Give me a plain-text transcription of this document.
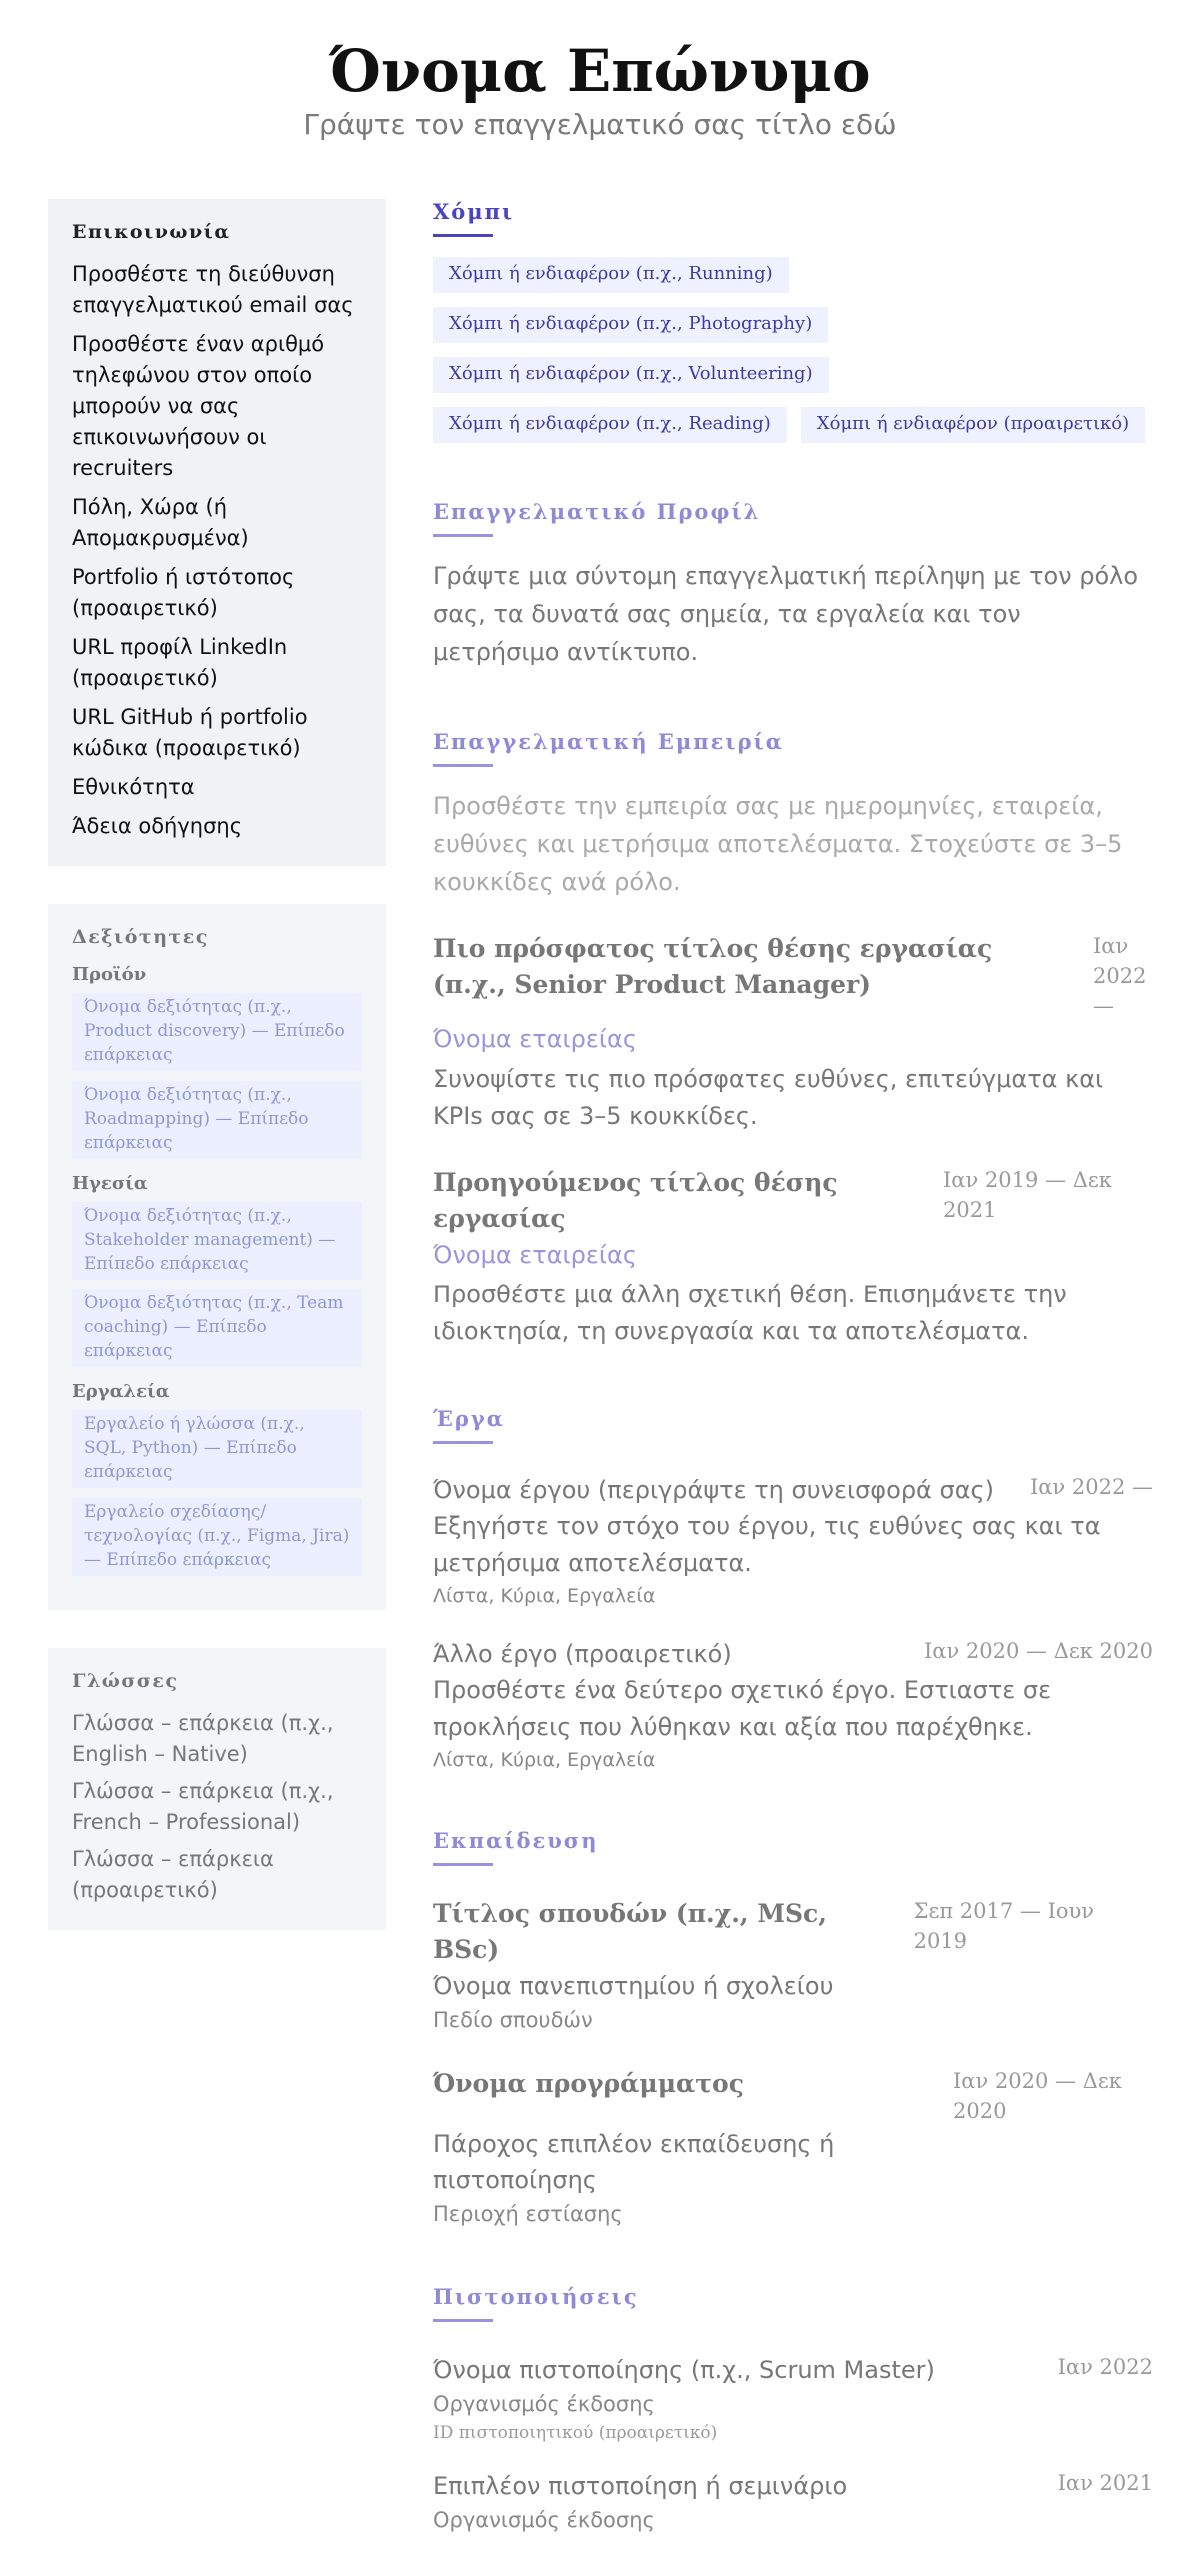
Όνομα Επώνυμο
Γράψτε τον επαγγελματικό σας τίτλο εδώ
Επικοινωνία
Προσθέστε τη διεύθυνση επαγγελματικού email σας
Προσθέστε έναν αριθμό τηλεφώνου στον οποίο μπορούν να σας επικοινωνήσουν οι recruiters
Πόλη, Χώρα (ή Απομακρυσμένα)
Portfolio ή ιστότοπος (προαιρετικό)
URL προφίλ LinkedIn (προαιρετικό)
URL GitHub ή portfolio κώδικα (προαιρετικό)
Εθνικότητα
Άδεια οδήγησης
Δεξιότητες
Προϊόν
Όνομα δεξιότητας (π.χ., Product discovery) — Επίπεδο επάρκειας
Όνομα δεξιότητας (π.χ., Roadmapping) — Επίπεδο επάρκειας
Ηγεσία
Όνομα δεξιότητας (π.χ., Stakeholder management) — Επίπεδο επάρκειας
Όνομα δεξιότητας (π.χ., Team coaching) — Επίπεδο επάρκειας
Εργαλεία
Εργαλείο ή γλώσσα (π.χ., SQL, Python) — Επίπεδο επάρκειας
Εργαλείο σχεδίασης/τεχνολογίας (π.χ., Figma, Jira) — Επίπεδο επάρκειας
Γλώσσες
Γλώσσα – επάρκεια (π.χ., English – Native)
Γλώσσα – επάρκεια (π.χ., French – Professional)
Γλώσσα – επάρκεια (προαιρετικό)
Χόμπι
Χόμπι ή ενδιαφέρον (π.χ., Running)
Χόμπι ή ενδιαφέρον (π.χ., Photography)
Χόμπι ή ενδιαφέρον (π.χ., Volunteering)
Χόμπι ή ενδιαφέρον (π.χ., Reading)	Χόμπι ή ενδιαφέρον (προαιρετικό)
Επαγγελματικό Προφίλ
Γράψτε μια σύντομη επαγγελματική περίληψη με τον ρόλο σας, τα δυνατά σας σημεία, τα εργαλεία και τον μετρήσιμο αντίκτυπο.
Επαγγελματική Εμπειρία
Προσθέστε την εμπειρία σας με ημερομηνίες, εταιρεία, ευθύνες και μετρήσιμα αποτελέσματα. Στοχεύστε σε 3–5 κουκκίδες ανά ρόλο.
Πιο πρόσφατος τίτλος θέσης εργασίας (π.χ., Senior Product Manager)
Ιαν 2022 —
Όνομα εταιρείας
Συνοψίστε τις πιο πρόσφατες ευθύνες, επιτεύγματα και KPIs σας σε 3–5 κουκκίδες.
Προηγούμενος τίτλος θέσης εργασίας
Ιαν 2019 — Δεκ 2021
Όνομα εταιρείας
Προσθέστε μια άλλη σχετική θέση. Επισημάνετε την ιδιοκτησία, τη συνεργασία και τα αποτελέσματα.
Έργα
Όνομα έργου (περιγράψτε τη συνεισφορά σας) Ιαν 2022 —
Εξηγήστε τον στόχο του έργου, τις ευθύνες σας και τα μετρήσιμα αποτελέσματα.
Λίστα, Κύρια, Εργαλεία
Άλλο έργο (προαιρετικό)	Ιαν 2020 — Δεκ 2020
Προσθέστε ένα δεύτερο σχετικό έργο. Εστιαστε σε προκλήσεις που λύθηκαν και αξία που παρέχθηκε.
Λίστα, Κύρια, Εργαλεία
Εκπαίδευση
Τίτλος σπουδών (π.χ., MSc, BSc)
Σεπ 2017 — Ιουν 2019
Όνομα πανεπιστημίου ή σχολείου
Πεδίο σπουδών
Όνομα προγράμματος	Ιαν 2020 — Δεκ 2020
Πάροχος επιπλέον εκπαίδευσης ή πιστοποίησης
Περιοχή εστίασης
Πιστοποιήσεις
Όνομα πιστοποίησης (π.χ., Scrum Master)	Ιαν 2022
Οργανισμός έκδοσης
ID πιστοποιητικού (προαιρετικό)
Επιπλέον πιστοποίηση ή σεμινάριο	Ιαν 2021
Οργανισμός έκδοσης
